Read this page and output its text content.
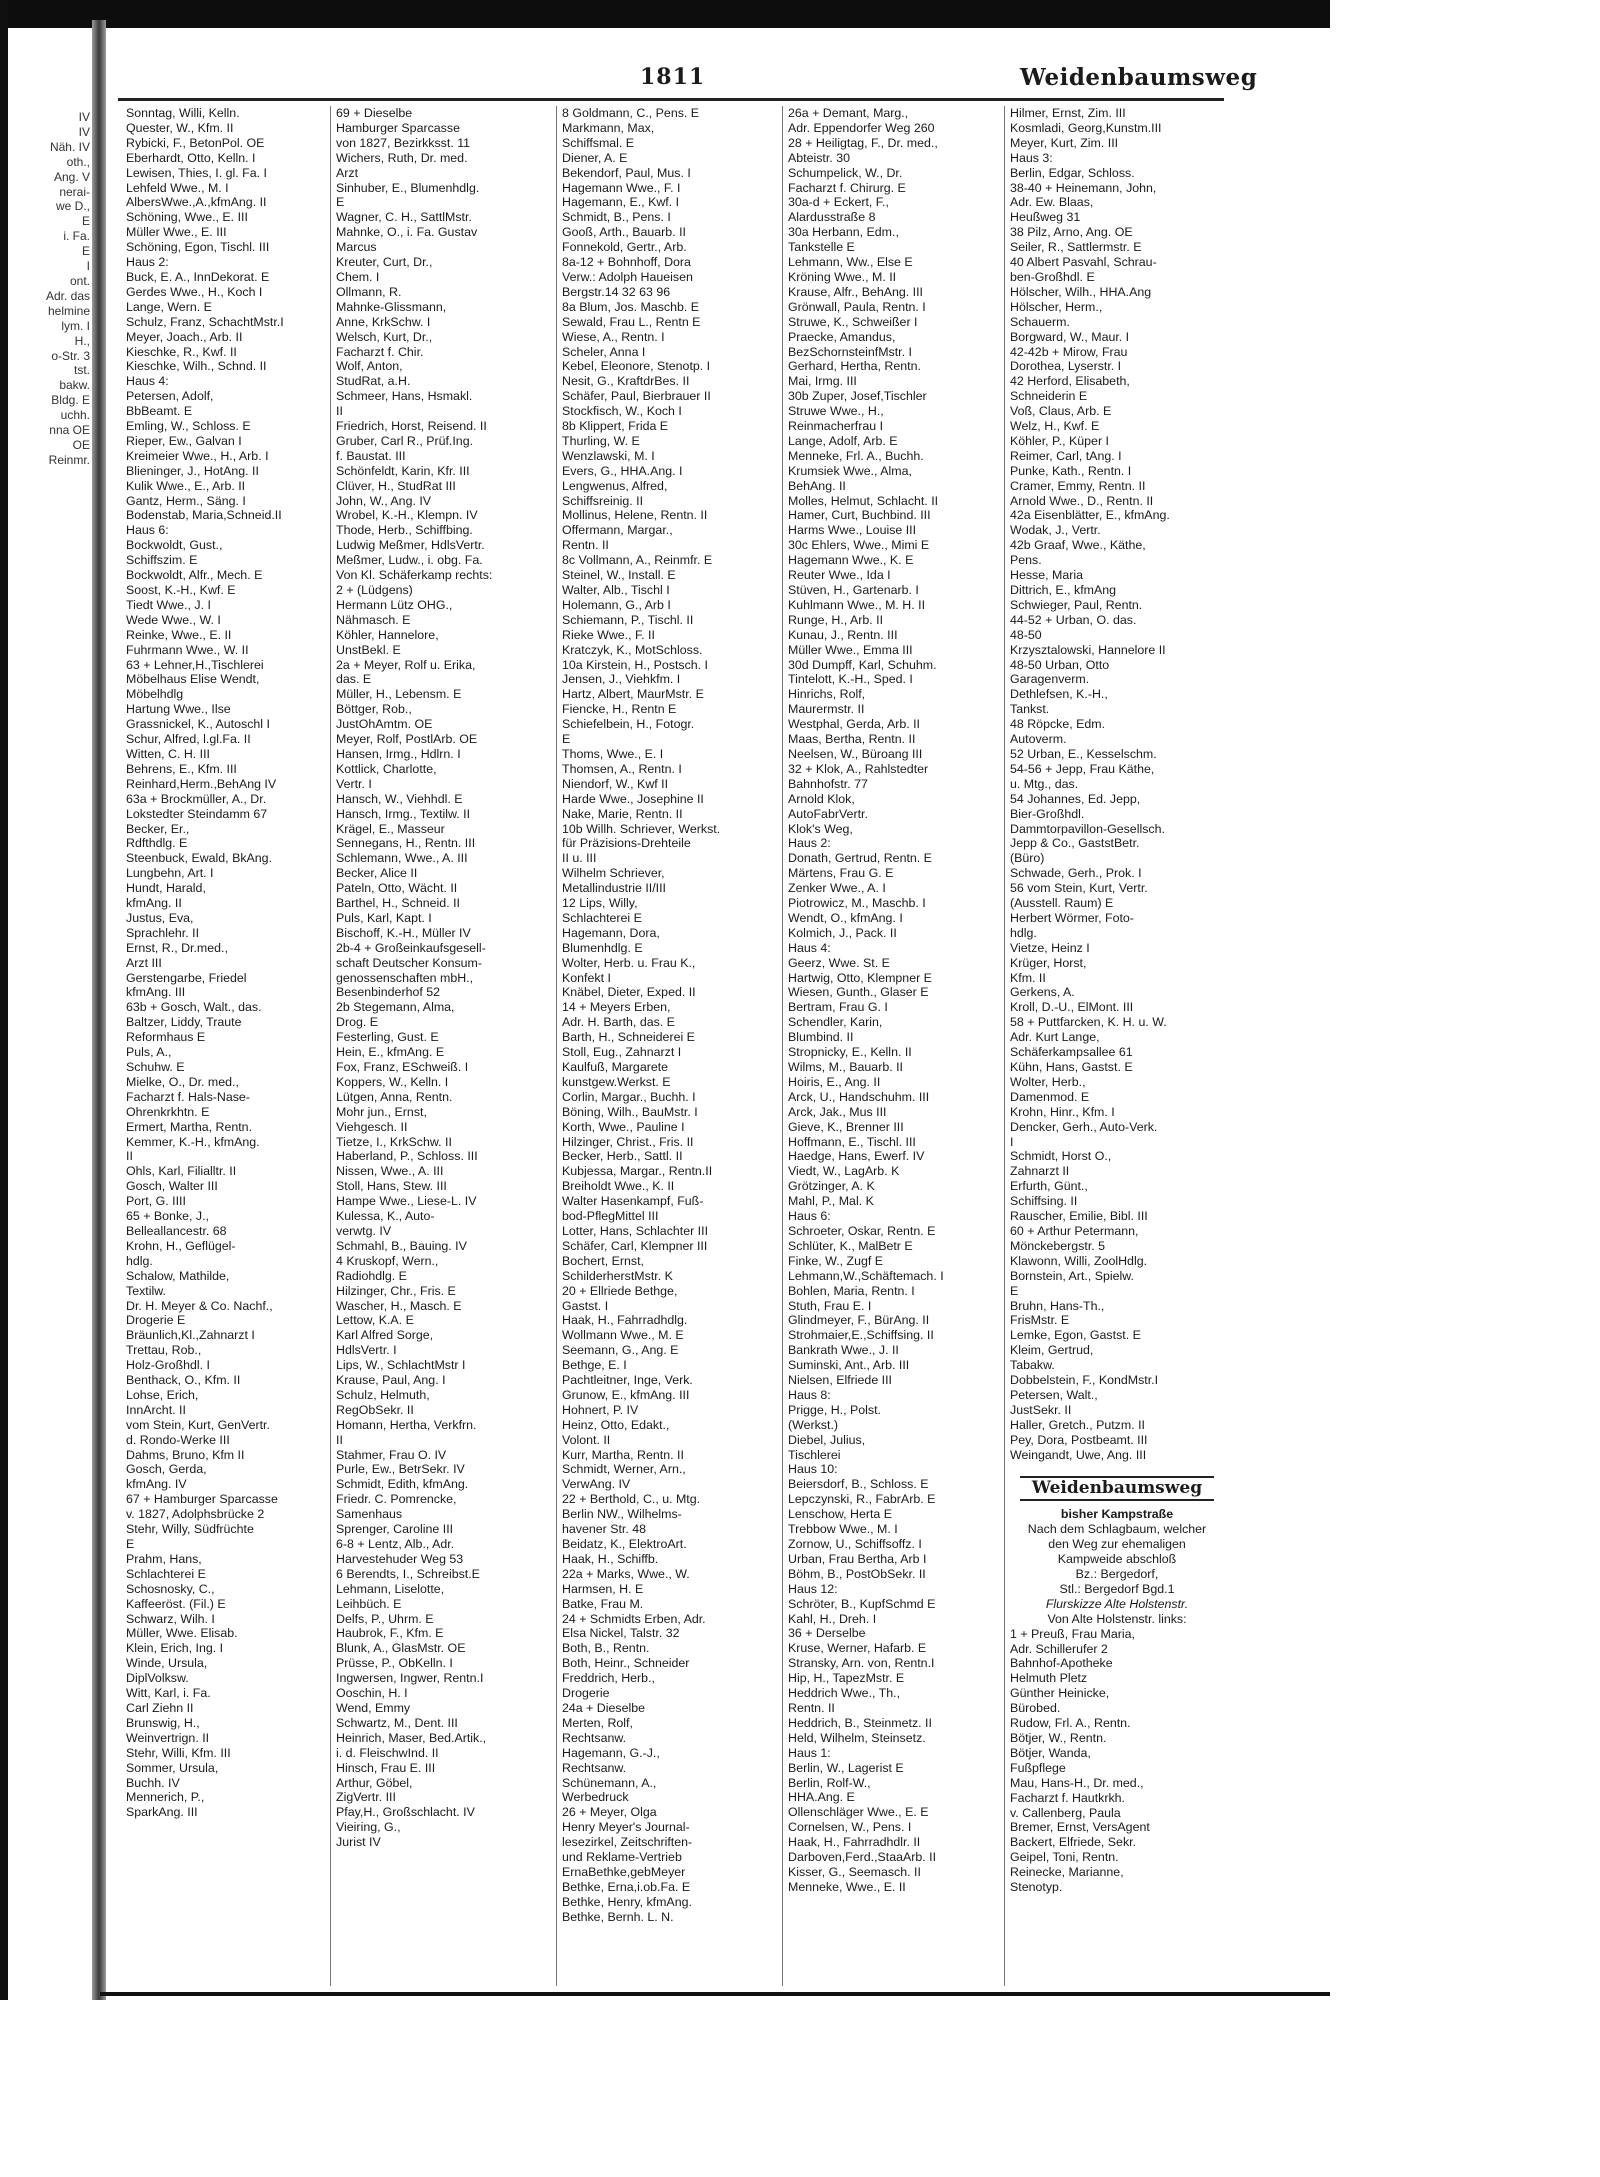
IV
IV
Näh. IV
oth.,
Ang. V
nerai-
we D.,
E
i. Fa.
E
I
ont.
Adr. das
helmine
lym. I
H.,
o-Str. 3
tst.
bakw.
Bldg. E
uchh.
nna OE
OE
Reinmr.
1811	Weidenbaumsweg
Sonntag, Willi, Kelln.
Quester, W., Kfm. II
Rybicki, F., BetonPol. OE
Eberhardt, Otto, Kelln. I
Lewisen, Thies, I. gl. Fa. I
Lehfeld Wwe., M. I
AlbersWwe.,A.,kfmAng. II
Schöning, Wwe., E. III
Müller Wwe., E. III
Schöning, Egon, Tischl. III
Haus 2:
Buck, E. A., InnDekorat. E
Gerdes Wwe., H., Koch I
Lange, Wern. E
Schulz, Franz, SchachtMstr.I
Meyer, Joach., Arb. II
Kieschke, R., Kwf. II
Kieschke, Wilh., Schnd. II
Haus 4:
Petersen, Adolf,
BbBeamt. E
Emling, W., Schloss. E
Rieper, Ew., Galvan I
Kreimeier Wwe., H., Arb. I
Blieninger, J., HotAng. II
Kulik Wwe., E., Arb. II
Gantz, Herm., Säng. I
Bodenstab, Maria,Schneid.II
Haus 6:
Bockwoldt, Gust.,
Schiffszim. E
Bockwoldt, Alfr., Mech. E
Soost, K.-H., Kwf. E
Tiedt Wwe., J. I
Wede Wwe., W. I
Reinke, Wwe., E. II
Fuhrmann Wwe., W. II
63 + Lehner,H.,Tischlerei
Möbelhaus Elise Wendt,
Möbelhdlg
Hartung Wwe., Ilse
Grassnickel, K., Autoschl I
Schur, Alfred, l.gl.Fa. II
Witten, C. H. III
Behrens, E., Kfm. III
Reinhard,Herm.,BehAng IV
63a + Brockmüller, A., Dr.
Lokstedter Steindamm 67
Becker, Er.,
Rdfthdlg. E
Steenbuck, Ewald, BkAng.
Lungbehn, Art. I
Hundt, Harald,
kfmAng. II
Justus, Eva,
Sprachlehr. II
Ernst, R., Dr.med.,
Arzt III
Gerstengarbe, Friedel
kfmAng. III
63b + Gosch, Walt., das.
Baltzer, Liddy, Traute
Reformhaus E
Puls, A.,
Schuhw. E
Mielke, O., Dr. med.,
Facharzt f. Hals-Nase-
Ohrenkrkhtn. E
Ermert, Martha, Rentn.
Kemmer, K.-H., kfmAng.
II
Ohls, Karl, Filialltr. II
Gosch, Walter III
Port, G. IIII
65 + Bonke, J.,
Belleallancestr. 68
Krohn, H., Geflügel-
hdlg.
Schalow, Mathilde,
Textilw.
Dr. H. Meyer & Co. Nachf.,
Drogerie E
Bräunlich,Kl.,Zahnarzt I
Trettau, Rob.,
Holz-Großhdl. I
Benthack, O., Kfm. II
Lohse, Erich,
InnArcht. II
vom Stein, Kurt, GenVertr.
d. Rondo-Werke III
Dahms, Bruno, Kfm II
Gosch, Gerda,
kfmAng. IV
67 + Hamburger Sparcasse
v. 1827, Adolphsbrücke 2
Stehr, Willy, Südfrüchte
E
Prahm, Hans,
Schlachterei E
Schosnosky, C.,
Kaffeeröst. (Fil.) E
Schwarz, Wilh. I
Müller, Wwe. Elisab.
Klein, Erich, Ing. I
Winde, Ursula,
DiplVolksw.
Witt, Karl, i. Fa.
Carl Ziehn II
Brunswig, H.,
Weinvertrign. II
Stehr, Willi, Kfm. III
Sommer, Ursula,
Buchh. IV
Mennerich, P.,
SparkAng. III
69 + Dieselbe
Hamburger Sparcasse
von 1827, Bezirkksst. 11
Wichers, Ruth, Dr. med.
Arzt
Sinhuber, E., Blumenhdlg.
E
Wagner, C. H., SattlMstr.
Mahnke, O., i. Fa. Gustav
Marcus
Kreuter, Curt, Dr.,
Chem. I
Ollmann, R.
Mahnke-Glissmann,
Anne, KrkSchw. I
Welsch, Kurt, Dr.,
Facharzt f. Chir.
Wolf, Anton,
StudRat, a.H.
Schmeer, Hans, Hsmakl.
II
Friedrich, Horst, Reisend. II
Gruber, Carl R., Prüf.Ing.
f. Baustat. III
Schönfeldt, Karin, Kfr. III
Clüver, H., StudRat III
John, W., Ang. IV
Wrobel, K.-H., Klempn. IV
Thode, Herb., Schiffbing.
Ludwig Meßmer, HdlsVertr.
Meßmer, Ludw., i. obg. Fa.
Von Kl. Schäferkamp rechts:
2 + (Lüdgens)
Hermann Lütz OHG.,
Nähmasch. E
Köhler, Hannelore,
UnstBekl. E
2a + Meyer, Rolf u. Erika,
das. E
Müller, H., Lebensm. E
Böttger, Rob.,
JustOhAmtm. OE
Meyer, Rolf, PostlArb. OE
Hansen, Irmg., Hdlrn. I
Kottlick, Charlotte,
Vertr. I
Hansch, W., Viehhdl. E
Hansch, Irmg., Textilw. II
Krägel, E., Masseur
Sennegans, H., Rentn. III
Schlemann, Wwe., A. III
Becker, Alice II
Pateln, Otto, Wächt. II
Barthel, H., Schneid. II
Puls, Karl, Kapt. I
Bischoff, K.-H., Müller IV
2b-4 + Großeinkaufsgesell-
schaft Deutscher Konsum-
genossenschaften mbH.,
Besenbinderhof 52
2b Stegemann, Alma,
Drog. E
Festerling, Gust. E
Hein, E., kfmAng. E
Fox, Franz, ESchweiß. I
Koppers, W., Kelln. I
Lütgen, Anna, Rentn.
Mohr jun., Ernst,
Viehgesch. II
Tietze, I., KrkSchw. II
Haberland, P., Schloss. III
Nissen, Wwe., A. III
Stoll, Hans, Stew. III
Hampe Wwe., Liese-L. IV
Kulessa, K., Auto-
verwtg. IV
Schmahl, B., Bauing. IV
4 Kruskopf, Wern.,
Radiohdlg. E
Hilzinger, Chr., Fris. E
Wascher, H., Masch. E
Lettow, K.A. E
Karl Alfred Sorge,
HdlsVertr. I
Lips, W., SchlachtMstr I
Krause, Paul, Ang. I
Schulz, Helmuth,
RegObSekr. II
Homann, Hertha, Verkfrn.
II
Stahmer, Frau O. IV
Purle, Ew., BetrSekr. IV
Schmidt, Edith, kfmAng.
Friedr. C. Pomrencke,
Samenhaus
Sprenger, Caroline III
6-8 + Lentz, Alb., Adr.
Harvestehuder Weg 53
6 Berendts, I., Schreibst.E
Lehmann, Liselotte,
Leihbüch. E
Delfs, P., Uhrm. E
Haubrok, F., Kfm. E
Blunk, A., GlasMstr. OE
Prüsse, P., ObKelln. I
Ingwersen, Ingwer, Rentn.I
Ooschin, H. I
Wend, Emmy
Schwartz, M., Dent. III
Heinrich, Maser, Bed.Artik.,
i. d. FleischwInd. II
Hinsch, Frau E. III
Arthur, Göbel,
ZigVertr. III
Pfay,H., Großschlacht. IV
Vieiring, G.,
Jurist IV
8 Goldmann, C., Pens. E
Markmann, Max,
Schiffsmal. E
Diener, A. E
Bekendorf, Paul, Mus. I
Hagemann Wwe., F. I
Hagemann, E., Kwf. I
Schmidt, B., Pens. I
Gooß, Arth., Bauarb. II
Fonnekold, Gertr., Arb.
8a-12 + Bohnhoff, Dora
Verw.: Adolph Haueisen
Bergstr.14 32 63 96
8a Blum, Jos. Maschb. E
Sewald, Frau L., Rentn E
Wiese, A., Rentn. I
Scheler, Anna I
Kebel, Eleonore, Stenotp. I
Nesit, G., KraftdrBes. II
Schäfer, Paul, Bierbrauer II
Stockfisch, W., Koch I
8b Klippert, Frida E
Thurling, W. E
Wenzlawski, M. I
Evers, G., HHA.Ang. I
Lengwenus, Alfred,
Schiffsreinig. II
Mollinus, Helene, Rentn. II
Offermann, Margar.,
Rentn. II
8c Vollmann, A., Reinmfr. E
Steinel, W., Install. E
Walter, Alb., Tischl I
Holemann, G., Arb I
Schiemann, P., Tischl. II
Rieke Wwe., F. II
Kratczyk, K., MotSchloss.
10a Kirstein, H., Postsch. I
Jensen, J., Viehkfm. I
Hartz, Albert, MaurMstr. E
Fiencke, H., Rentn E
Schiefelbein, H., Fotogr.
E
Thoms, Wwe., E. I
Thomsen, A., Rentn. I
Niendorf, W., Kwf II
Harde Wwe., Josephine II
Nake, Marie, Rentn. II
10b Willh. Schriever, Werkst.
für Präzisions-Drehteile
II u. III
Wilhelm Schriever,
Metallindustrie II/III
12 Lips, Willy,
Schlachterei E
Hagemann, Dora,
Blumenhdlg. E
Wolter, Herb. u. Frau K.,
Konfekt I
Knäbel, Dieter, Exped. II
14 + Meyers Erben,
Adr. H. Barth, das. E
Barth, H., Schneiderei E
Stoll, Eug., Zahnarzt I
Kaulfuß, Margarete
kunstgew.Werkst. E
Corlin, Margar., Buchh. I
Böning, Wilh., BauMstr. I
Korth, Wwe., Pauline I
Hilzinger, Christ., Fris. II
Becker, Herb., Sattl. II
Kubjessa, Margar., Rentn.II
Breiholdt Wwe., K. II
Walter Hasenkampf, Fuß-
bod-PflegMittel III
Lotter, Hans, Schlachter III
Schäfer, Carl, Klempner III
Bochert, Ernst,
SchilderherstMstr. K
20 + Ellriede Bethge,
Gastst. I
Haak, H., Fahrradhdlg.
Wollmann Wwe., M. E
Seemann, G., Ang. E
Bethge, E. I
Pachtleitner, Inge, Verk.
Grunow, E., kfmAng. III
Hohnert, P. IV
Heinz, Otto, Edakt.,
Volont. II
Kurr, Martha, Rentn. II
Schmidt, Werner, Arn.,
VerwAng. IV
22 + Berthold, C., u. Mtg.
Berlin NW., Wilhelms-
havener Str. 48
Beidatz, K., ElektroArt.
Haak, H., Schiffb.
22a + Marks, Wwe., W.
Harmsen, H. E
Batke, Frau M.
24 + Schmidts Erben, Adr.
Elsa Nickel, Talstr. 32
Both, B., Rentn.
Both, Heinr., Schneider
Freddrich, Herb.,
Drogerie
24a + Dieselbe
Merten, Rolf,
Rechtsanw.
Hagemann, G.-J.,
Rechtsanw.
Schünemann, A.,
Werbedruck
26 + Meyer, Olga
Henry Meyer's Journal-
lesezirkel, Zeitschriften-
und Reklame-Vertrieb
ErnaBethke,gebMeyer
Bethke, Erna,i.ob.Fa. E
Bethke, Henry, kfmAng.
Bethke, Bernh. L. N.
26a + Demant, Marg.,
Adr. Eppendorfer Weg 260
28 + Heiligtag, F., Dr. med.,
Abteistr. 30
Schumpelick, W., Dr.
Facharzt f. Chirurg. E
30a-d + Eckert, F.,
Alardusstraße 8
30a Herbann, Edm.,
Tankstelle E
Lehmann, Ww., Else E
Kröning Wwe., M. II
Krause, Alfr., BehAng. III
Grönwall, Paula, Rentn. I
Struwe, K., Schweißer I
Praecke, Amandus,
BezSchornsteinfMstr. I
Gerhard, Hertha, Rentn.
Mai, Irmg. III
30b Zuper, Josef,Tischler
Struwe Wwe., H.,
Reinmacherfrau I
Lange, Adolf, Arb. E
Menneke, Frl. A., Buchh.
Krumsiek Wwe., Alma,
BehAng. II
Molles, Helmut, Schlacht. II
Hamer, Curt, Buchbind. III
Harms Wwe., Louise III
30c Ehlers, Wwe., Mimi E
Hagemann Wwe., K. E
Reuter Wwe., Ida I
Stüven, H., Gartenarb. I
Kuhlmann Wwe., M. H. II
Runge, H., Arb. II
Kunau, J., Rentn. III
Müller Wwe., Emma III
30d Dumpff, Karl, Schuhm.
Tintelott, K.-H., Sped. I
Hinrichs, Rolf,
Maurermstr. II
Westphal, Gerda, Arb. II
Maas, Bertha, Rentn. II
Neelsen, W., Büroang III
32 + Klok, A., Rahlstedter
Bahnhofstr. 77
Arnold Klok,
AutoFabrVertr.
Klok's Weg,
Haus 2:
Donath, Gertrud, Rentn. E
Märtens, Frau G. E
Zenker Wwe., A. I
Piotrowicz, M., Maschb. I
Wendt, O., kfmAng. I
Kolmich, J., Pack. II
Haus 4:
Geerz, Wwe. St. E
Hartwig, Otto, Klempner E
Wiesen, Gunth., Glaser E
Bertram, Frau G. I
Schendler, Karin,
Blumbind. II
Stropnicky, E., Kelln. II
Wilms, M., Bauarb. II
Hoiris, E., Ang. II
Arck, U., Handschuhm. III
Arck, Jak., Mus III
Gieve, K., Brenner III
Hoffmann, E., Tischl. III
Haedge, Hans, Ewerf. IV
Viedt, W., LagArb. K
Grötzinger, A. K
Mahl, P., Mal. K
Haus 6:
Schroeter, Oskar, Rentn. E
Schlüter, K., MalBetr E
Finke, W., Zugf E
Lehmann,W.,Schäftemach. I
Bohlen, Maria, Rentn. I
Stuth, Frau E. I
Glindmeyer, F., BürAng. II
Strohmaier,E.,Schiffsing. II
Bankrath Wwe., J. II
Suminski, Ant., Arb. III
Nielsen, Elfriede III
Haus 8:
Prigge, H., Polst.
(Werkst.)
Diebel, Julius,
Tischlerei
Haus 10:
Beiersdorf, B., Schloss. E
Lepczynski, R., FabrArb. E
Lenschow, Herta E
Trebbow Wwe., M. I
Zornow, U., Schiffsoffz. I
Urban, Frau Bertha, Arb I
Böhm, B., PostObSekr. II
Haus 12:
Schröter, B., KupfSchmd E
Kahl, H., Dreh. I
36 + Derselbe
Kruse, Werner, Hafarb. E
Stransky, Arn. von, Rentn.I
Hip, H., TapezMstr. E
Heddrich Wwe., Th.,
Rentn. II
Heddrich, B., Steinmetz. II
Held, Wilhelm, Steinsetz.
Haus 1:
Berlin, W., Lagerist E
Berlin, Rolf-W.,
HHA.Ang. E
Ollenschläger Wwe., E. E
Cornelsen, W., Pens. I
Haak, H., Fahrradhdlr. II
Darboven,Ferd.,StaaArb. II
Kisser, G., Seemasch. II
Menneke, Wwe., E. II
Hilmer, Ernst, Zim. III
Kosmladi, Georg,Kunstm.III
Meyer, Kurt, Zim. III
Haus 3:
Berlin, Edgar, Schloss.
38-40 + Heinemann, John,
Adr. Ew. Blaas,
Heußweg 31
38 Pilz, Arno, Ang. OE
Seiler, R., Sattlermstr. E
40 Albert Pasvahl, Schrau-
ben-Großhdl. E
Hölscher, Wilh., HHA.Ang
Hölscher, Herm.,
Schauerm.
Borgward, W., Maur. I
42-42b + Mirow, Frau
Dorothea, Lyserstr. I
42 Herford, Elisabeth,
Schneiderin E
Voß, Claus, Arb. E
Welz, H., Kwf. E
Köhler, P., Küper I
Reimer, Carl, tAng. I
Punke, Kath., Rentn. I
Cramer, Emmy, Rentn. II
Arnold Wwe., D., Rentn. II
42a Eisenblätter, E., kfmAng.
Wodak, J., Vertr.
42b Graaf, Wwe., Käthe,
Pens.
Hesse, Maria
Dittrich, E., kfmAng
Schwieger, Paul, Rentn.
44-52 + Urban, O. das.
48-50
Krzysztalowski, Hannelore II
48-50 Urban, Otto
Garagenverm.
Dethlefsen, K.-H.,
Tankst.
48 Röpcke, Edm.
Autoverm.
52 Urban, E., Kesselschm.
54-56 + Jepp, Frau Käthe,
u. Mtg., das.
54 Johannes, Ed. Jepp,
Bier-Großhdl.
Dammtorpavillon-Gesellsch.
Jepp & Co., GaststBetr.
(Büro)
Schwade, Gerh., Prok. I
56 vom Stein, Kurt, Vertr.
(Ausstell. Raum) E
Herbert Wörmer, Foto-
hdlg.
Vietze, Heinz I
Krüger, Horst,
Kfm. II
Gerkens, A.
Kroll, D.-U., ElMont. III
58 + Puttfarcken, K. H. u. W.
Adr. Kurt Lange,
Schäferkampsallee 61
Kühn, Hans, Gastst. E
Wolter, Herb.,
Damenmod. E
Krohn, Hinr., Kfm. I
Dencker, Gerh., Auto-Verk.
I
Schmidt, Horst O.,
Zahnarzt II
Erfurth, Günt.,
Schiffsing. II
Rauscher, Emilie, Bibl. III
60 + Arthur Petermann,
Mönckebergstr. 5
Klawonn, Willi, ZoolHdlg.
Bornstein, Art., Spielw.
E
Bruhn, Hans-Th.,
FrisMstr. E
Lemke, Egon, Gastst. E
Kleim, Gertrud,
Tabakw.
Dobbelstein, F., KondMstr.I
Petersen, Walt.,
JustSekr. II
Haller, Gretch., Putzm. II
Pey, Dora, Postbeamt. III
Weingandt, Uwe, Ang. III
Weidenbaumsweg
bisher Kampstraße
Nach dem Schlagbaum, welcher
den Weg zur ehemaligen
Kampweide abschloß
Bz.: Bergedorf,
Stl.: Bergedorf Bgd.1
Flurskizze Alte Holstenstr.
Von Alte Holstenstr. links:
1 + Preuß, Frau Maria,
Adr. Schillerufer 2
Bahnhof-Apotheke
Helmuth Pletz
Günther Heinicke,
Bürobed.
Rudow, Frl. A., Rentn.
Bötjer, W., Rentn.
Bötjer, Wanda,
Fußpflege
Mau, Hans-H., Dr. med.,
Facharzt f. Hautkrkh.
v. Callenberg, Paula
Bremer, Ernst, VersAgent
Backert, Elfriede, Sekr.
Geipel, Toni, Rentn.
Reinecke, Marianne,
Stenotyp.
